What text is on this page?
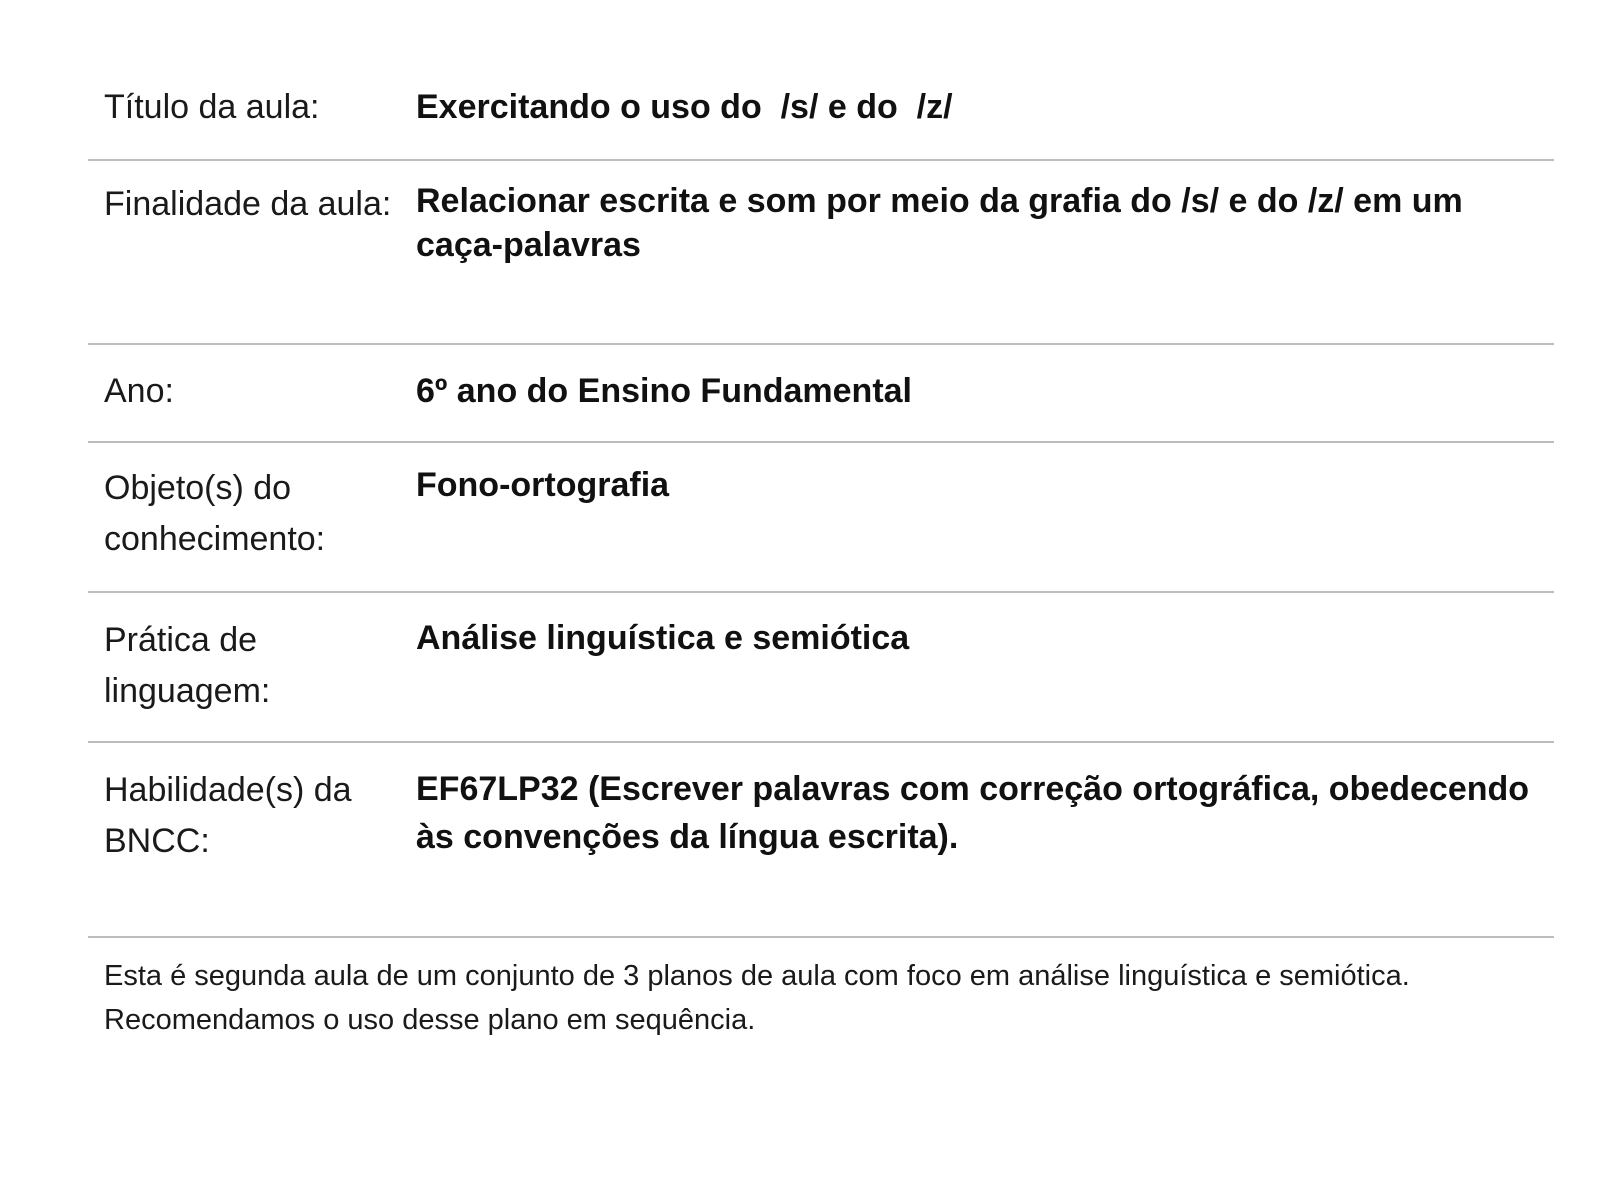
Título da aula:	Exercitando o uso do  /s/ e do  /z/
Finalidade da aula: Relacionar escrita e som por meio da grafia do /s/ e do /z/ em um caça-palavras
Ano:	6º ano do Ensino Fundamental
Objeto(s) do conhecimento:
Fono-ortografia
Prática de linguagem:
Análise linguística e semiótica
Habilidade(s) da BNCC:
EF67LP32 (Escrever palavras com correção ortográfica, obedecendo às convenções da língua escrita).
Esta é segunda aula de um conjunto de 3 planos de aula com foco em análise linguística e semiótica. Recomendamos o uso desse plano em sequência.
